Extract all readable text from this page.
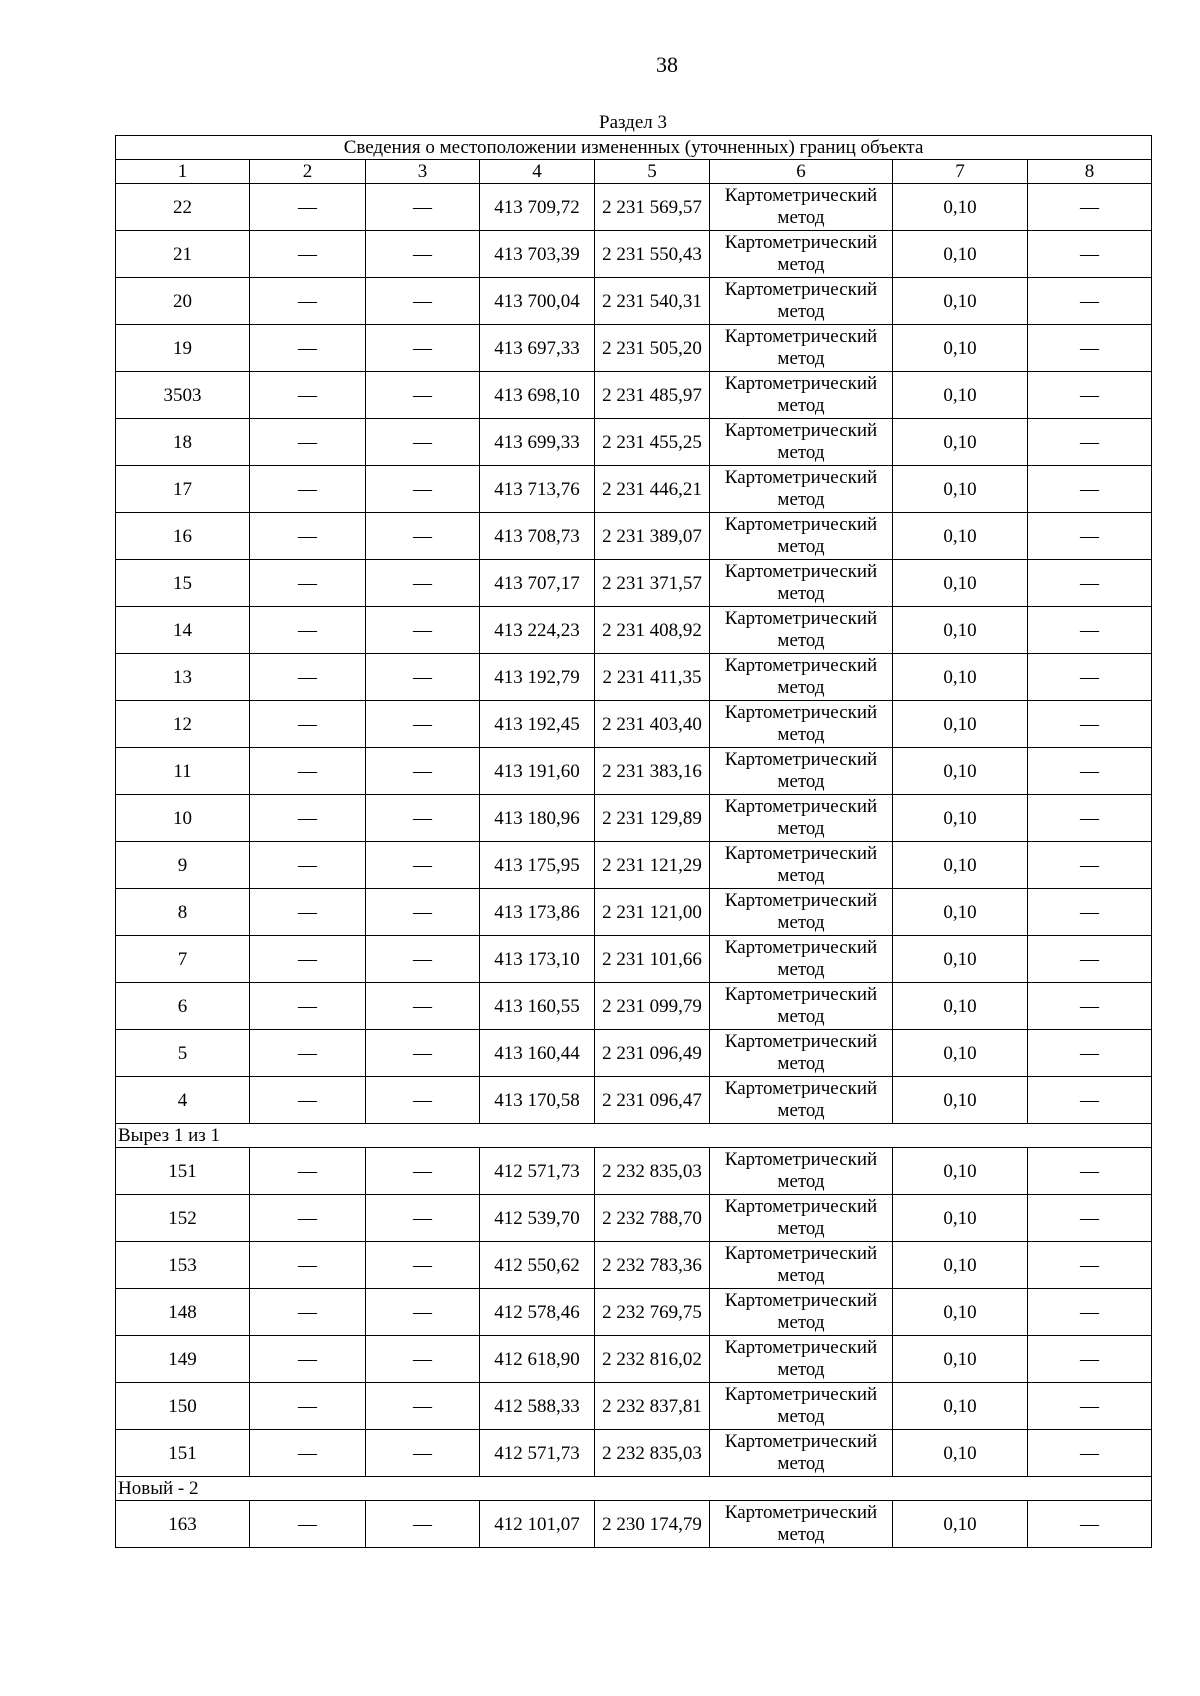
38
Раздел 3
Сведения о местоположении измененных (уточненных) границ объекта							
1	2	3	4	5	6	7	8
22	—	—	413 709,72	2 231 569,57	Картометрический метод	0,10	—
21	—	—	413 703,39	2 231 550,43	Картометрический метод	0,10	—
20	—	—	413 700,04	2 231 540,31	Картометрический метод	0,10	—
19	—	—	413 697,33	2 231 505,20	Картометрический метод	0,10	—
3503	—	—	413 698,10	2 231 485,97	Картометрический метод	0,10	—
18	—	—	413 699,33	2 231 455,25	Картометрический метод	0,10	—
17	—	—	413 713,76	2 231 446,21	Картометрический метод	0,10	—
16	—	—	413 708,73	2 231 389,07	Картометрический метод	0,10	—
15	—	—	413 707,17	2 231 371,57	Картометрический метод	0,10	—
14	—	—	413 224,23	2 231 408,92	Картометрический метод	0,10	—
13	—	—	413 192,79	2 231 411,35	Картометрический метод	0,10	—
12	—	—	413 192,45	2 231 403,40	Картометрический метод	0,10	—
11	—	—	413 191,60	2 231 383,16	Картометрический метод	0,10	—
10	—	—	413 180,96	2 231 129,89	Картометрический метод	0,10	—
9	—	—	413 175,95	2 231 121,29	Картометрический метод	0,10	—
8	—	—	413 173,86	2 231 121,00	Картометрический метод	0,10	—
7	—	—	413 173,10	2 231 101,66	Картометрический метод	0,10	—
6	—	—	413 160,55	2 231 099,79	Картометрический метод	0,10	—
5	—	—	413 160,44	2 231 096,49	Картометрический метод	0,10	—
4	—	—	413 170,58	2 231 096,47	Картометрический метод	0,10	—
Вырез 1 из 1							
151	—	—	412 571,73	2 232 835,03	Картометрический метод	0,10	—
152	—	—	412 539,70	2 232 788,70	Картометрический метод	0,10	—
153	—	—	412 550,62	2 232 783,36	Картометрический метод	0,10	—
148	—	—	412 578,46	2 232 769,75	Картометрический метод	0,10	—
149	—	—	412 618,90	2 232 816,02	Картометрический метод	0,10	—
150	—	—	412 588,33	2 232 837,81	Картометрический метод	0,10	—
151	—	—	412 571,73	2 232 835,03	Картометрический метод	0,10	—
Новый - 2							
163	—	—	412 101,07	2 230 174,79	Картометрический метод	0,10	—
